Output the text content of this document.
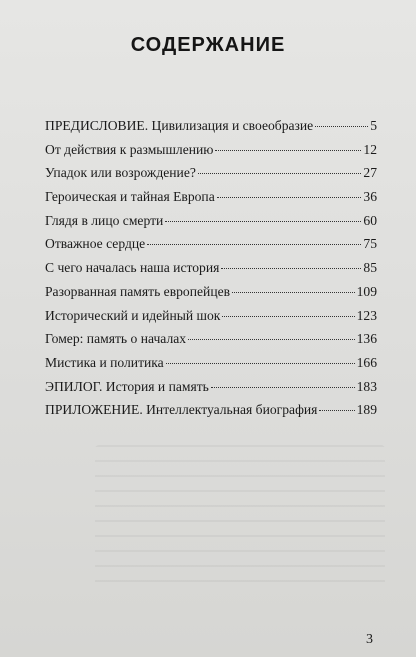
СОДЕРЖАНИЕ
ПРЕДИСЛОВИЕ. Цивилизация и своеобразие	5
От действия к размышлению	12
Упадок или возрождение?	27
Героическая и тайная Европа	36
Глядя в лицо смерти	60
Отважное сердце	75
С чего началась наша история	85
Разорванная память европейцев	109
Исторический и идейный шок	123
Гомер: память о началах	136
Мистика и политика	166
ЭПИЛОГ. История и память	183
ПРИЛОЖЕНИЕ. Интеллектуальная биография	189
3
